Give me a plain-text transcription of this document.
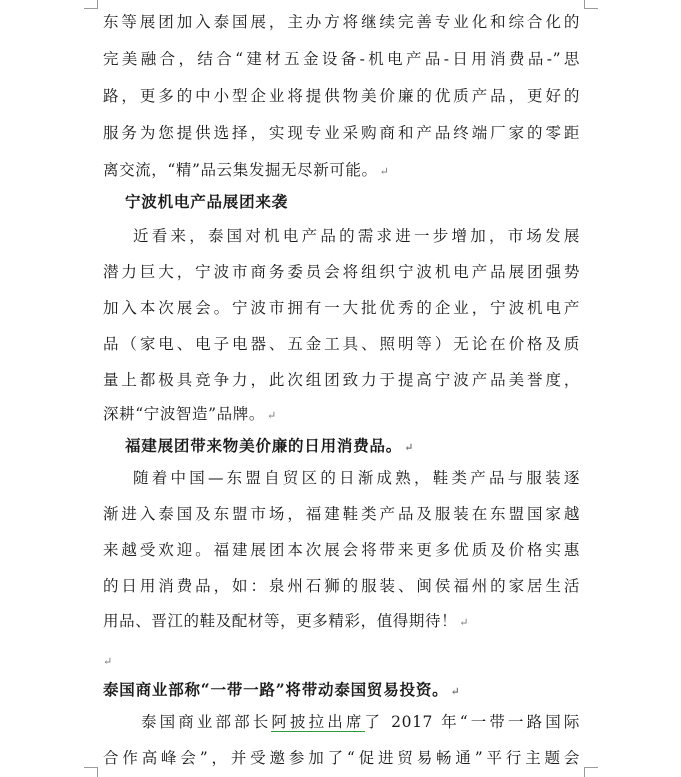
东等展团加入泰国展，主办方将继续完善专业化和综合化的
完美融合，结合“建材五金设备-机电产品-日用消费品-”思
路，更多的中小型企业将提供物美价廉的优质产品，更好的
服务为您提供选择，实现专业采购商和产品终端厂家的零距
离交流，“精”品云集发掘无尽新可能。 ↵
宁波机电产品展团来袭
近看来，泰国对机电产品的需求进一步增加，市场发展
潜力巨大，宁波市商务委员会将组织宁波机电产品展团强势
加入本次展会。宁波市拥有一大批优秀的企业，宁波机电产
品（家电、电子电器、五金工具、照明等）无论在价格及质
量上都极具竞争力，此次组团致力于提高宁波产品美誉度，
深耕“宁波智造”品牌。 ↵
福建展团带来物美价廉的日用消费品。 ↵
随着中国—东盟自贸区的日渐成熟，鞋类产品与服装逐
渐进入泰国及东盟市场，福建鞋类产品及服装在东盟国家越
来越受欢迎。福建展团本次展会将带来更多优质及价格实惠
的日用消费品，如：泉州石狮的服装、闽侯福州的家居生活
用品、晋江的鞋及配材等，更多精彩，值得期待！ ↵
↵
泰国商业部称“一带一路”将带动泰国贸易投资。 ↵
泰国商业部部长阿披拉出席了 2017 年“一带一路国际
合作高峰会”，并受邀参加了“促进贸易畅通”平行主题会
